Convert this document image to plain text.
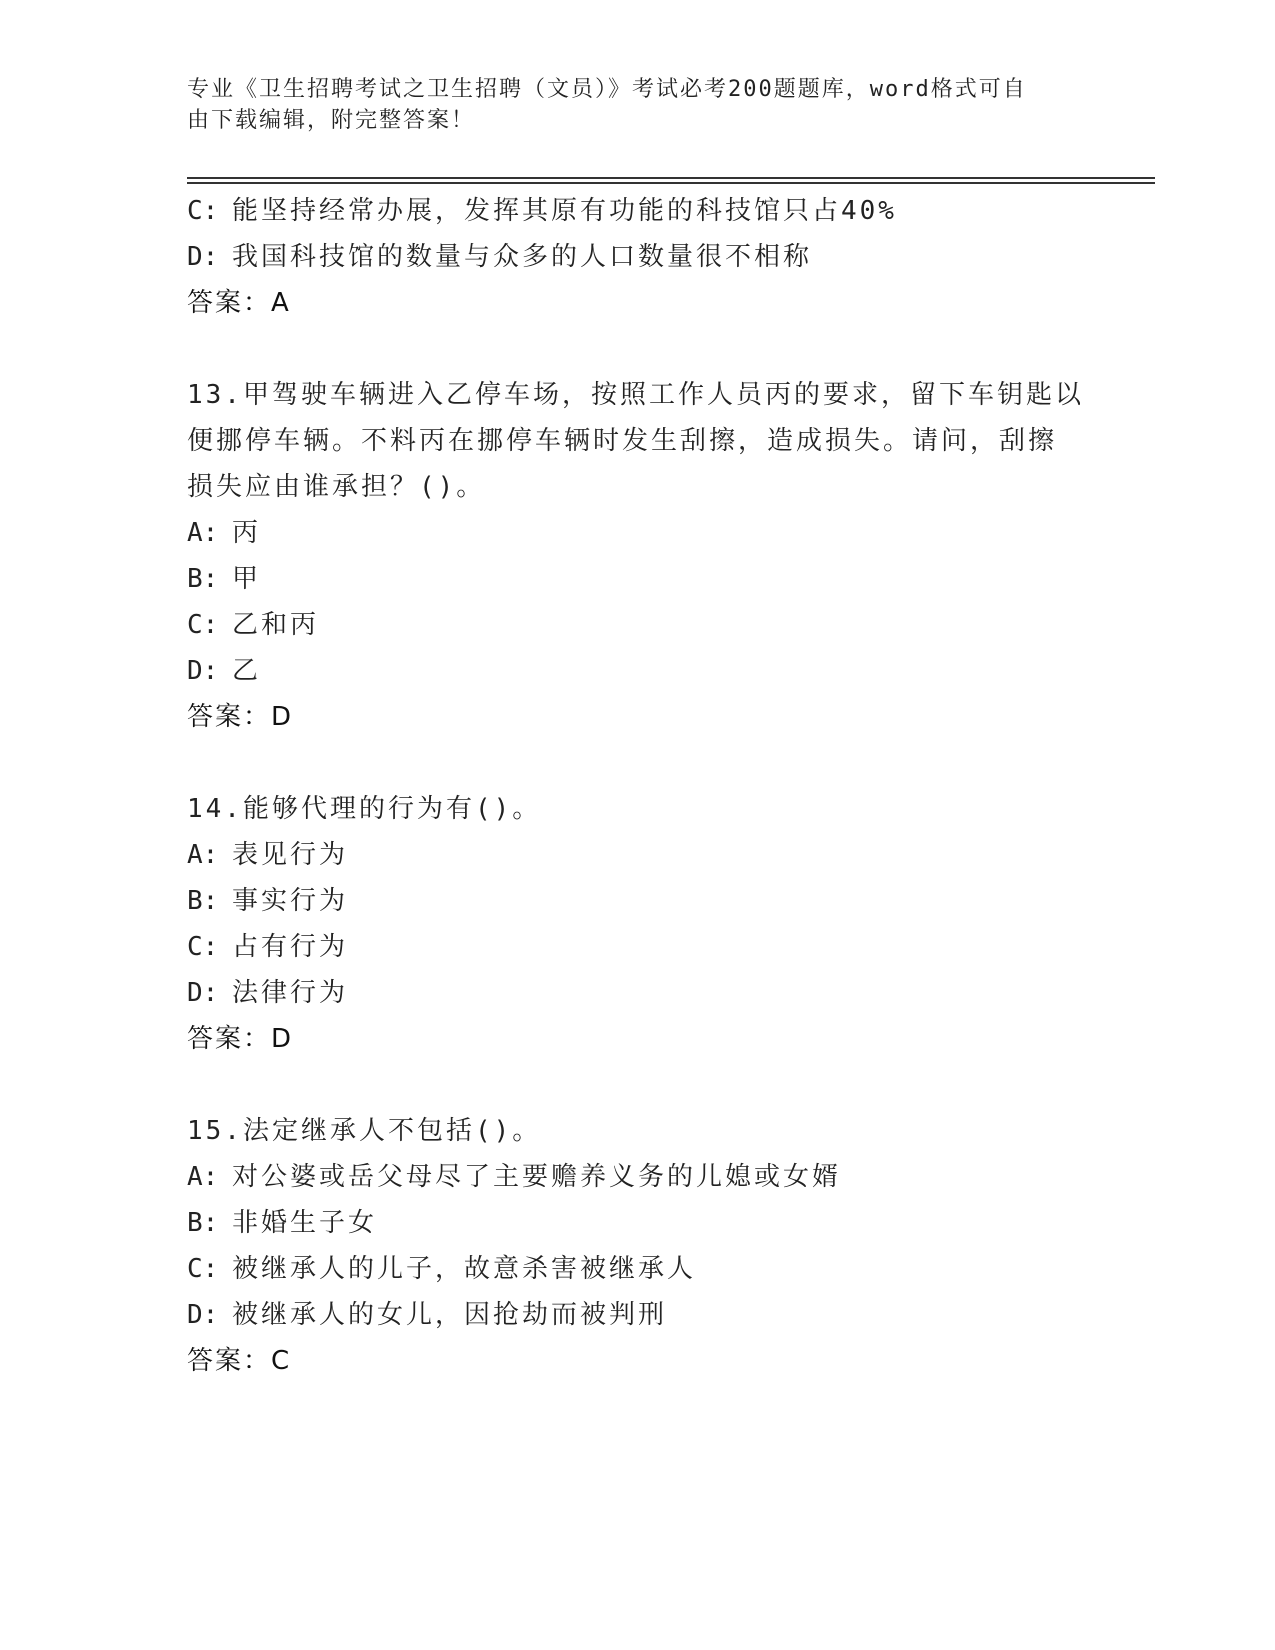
专业《卫生招聘考试之卫生招聘（文员）》考试必考200题题库，word格式可自
由下载编辑，附完整答案！
C: 能坚持经常办展，发挥其原有功能的科技馆只占40%
D: 我国科技馆的数量与众多的人口数量很不相称
答案：A
13.甲驾驶车辆进入乙停车场，按照工作人员丙的要求，留下车钥匙以
便挪停车辆。不料丙在挪停车辆时发生刮擦，造成损失。请问，刮擦
损失应由谁承担？()。
A: 丙
B: 甲
C: 乙和丙
D: 乙
答案：D
14.能够代理的行为有()。
A: 表见行为
B: 事实行为
C: 占有行为
D: 法律行为
答案：D
15.法定继承人不包括()。
A: 对公婆或岳父母尽了主要赡养义务的儿媳或女婿
B: 非婚生子女
C: 被继承人的儿子，故意杀害被继承人
D: 被继承人的女儿，因抢劫而被判刑
答案：C
